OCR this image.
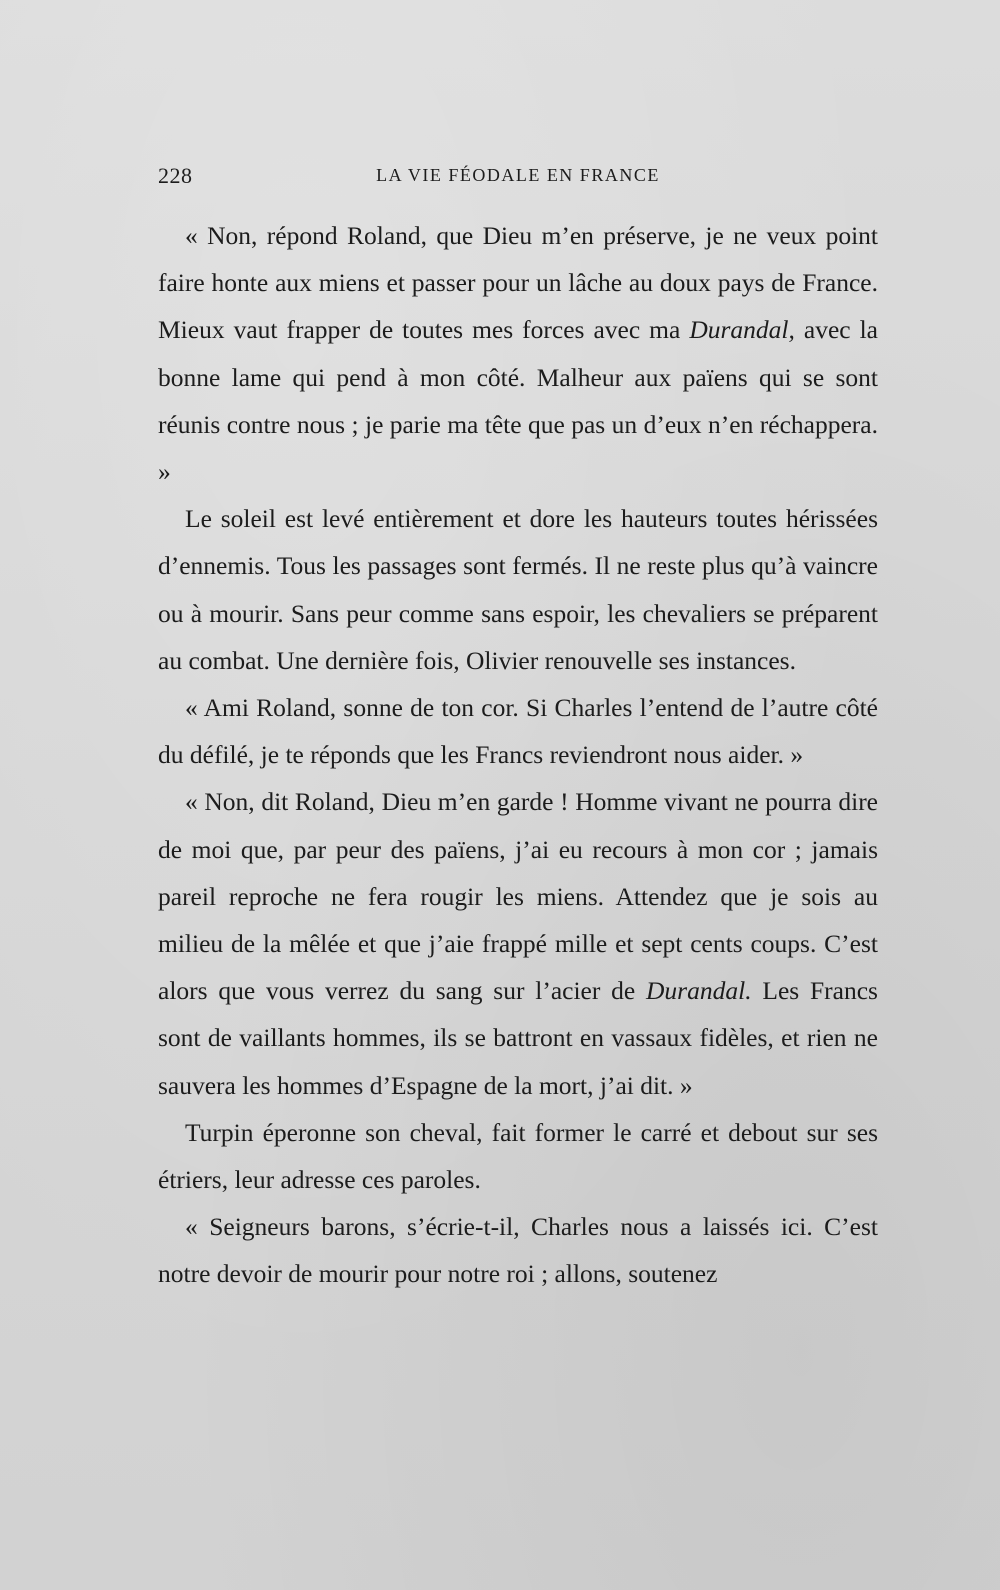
228	LA VIE FÉODALE EN FRANCE

« Non, répond Roland, que Dieu m’en préserve, je ne veux point faire honte aux miens et passer pour un lâche au doux pays de France. Mieux vaut frapper de toutes mes forces avec ma Durandal, avec la bonne lame qui pend à mon côté. Malheur aux païens qui se sont réunis contre nous ; je parie ma tête que pas un d’eux n’en réchappera. »

Le soleil est levé entièrement et dore les hauteurs toutes hérissées d’ennemis. Tous les passages sont fermés. Il ne reste plus qu’à vaincre ou à mourir. Sans peur comme sans espoir, les chevaliers se préparent au combat. Une dernière fois, Olivier renouvelle ses instances.

« Ami Roland, sonne de ton cor. Si Charles l’entend de l’autre côté du défilé, je te réponds que les Francs reviendront nous aider. »

« Non, dit Roland, Dieu m’en garde ! Homme vivant ne pourra dire de moi que, par peur des païens, j’ai eu recours à mon cor ; jamais pareil reproche ne fera rougir les miens. Attendez que je sois au milieu de la mêlée et que j’aie frappé mille et sept cents coups. C’est alors que vous verrez du sang sur l’acier de Durandal. Les Francs sont de vaillants hommes, ils se battront en vassaux fidèles, et rien ne sauvera les hommes d’Espagne de la mort, j’ai dit. »

Turpin éperonne son cheval, fait former le carré et debout sur ses étriers, leur adresse ces paroles.

« Seigneurs barons, s’écrie-t-il, Charles nous a laissés ici. C’est notre devoir de mourir pour notre roi ; allons, soutenez
